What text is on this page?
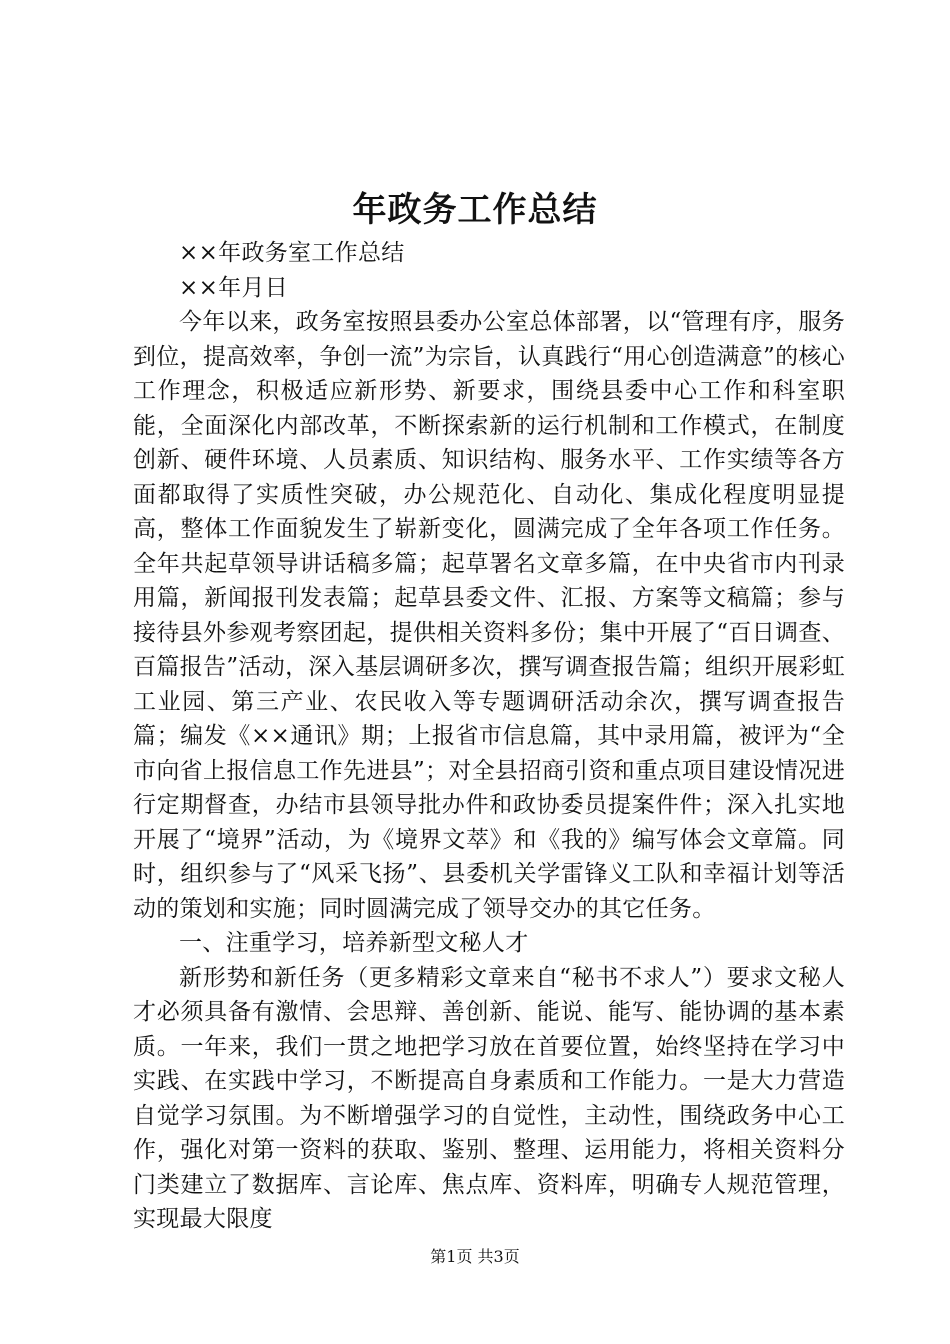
年政务工作总结

××年政务室工作总结

××年月日

今年以来，政务室按照县委办公室总体部署，以“管理有序，服务到位，提高效率，争创一流”为宗旨，认真践行“用心创造满意”的核心工作理念，积极适应新形势、新要求，围绕县委中心工作和科室职能，全面深化内部改革，不断探索新的运行机制和工作模式，在制度创新、硬件环境、人员素质、知识结构、服务水平、工作实绩等各方面都取得了实质性突破，办公规范化、自动化、集成化程度明显提高，整体工作面貌发生了崭新变化，圆满完成了全年各项工作任务。全年共起草领导讲话稿多篇；起草署名文章多篇，在中央省市内刊录用篇，新闻报刊发表篇；起草县委文件、汇报、方案等文稿篇；参与接待县外参观考察团起，提供相关资料多份；集中开展了“百日调查、百篇报告”活动，深入基层调研多次，撰写调查报告篇；组织开展彩虹工业园、第三产业、农民收入等专题调研活动余次，撰写调查报告篇；编发《××通讯》期；上报省市信息篇，其中录用篇，被评为“全市向省上报信息工作先进县”；对全县招商引资和重点项目建设情况进行定期督查，办结市县领导批办件和政协委员提案件件；深入扎实地开展了“境界”活动，为《境界文萃》和《我的》编写体会文章篇。同时，组织参与了“风采飞扬”、县委机关学雷锋义工队和幸福计划等活动的策划和实施；同时圆满完成了领导交办的其它任务。

一、注重学习，培养新型文秘人才

新形势和新任务（更多精彩文章来自“秘书不求人”）要求文秘人才必须具备有激情、会思辩、善创新、能说、能写、能协调的基本素质。一年来，我们一贯之地把学习放在首要位置，始终坚持在学习中实践、在实践中学习，不断提高自身素质和工作能力。一是大力营造自觉学习氛围。为不断增强学习的自觉性，主动性，围绕政务中心工作，强化对第一资料的获取、鉴别、整理、运用能力，将相关资料分门类建立了数据库、言论库、焦点库、资料库，明确专人规范管理，实现最大限度

第1页 共3页
